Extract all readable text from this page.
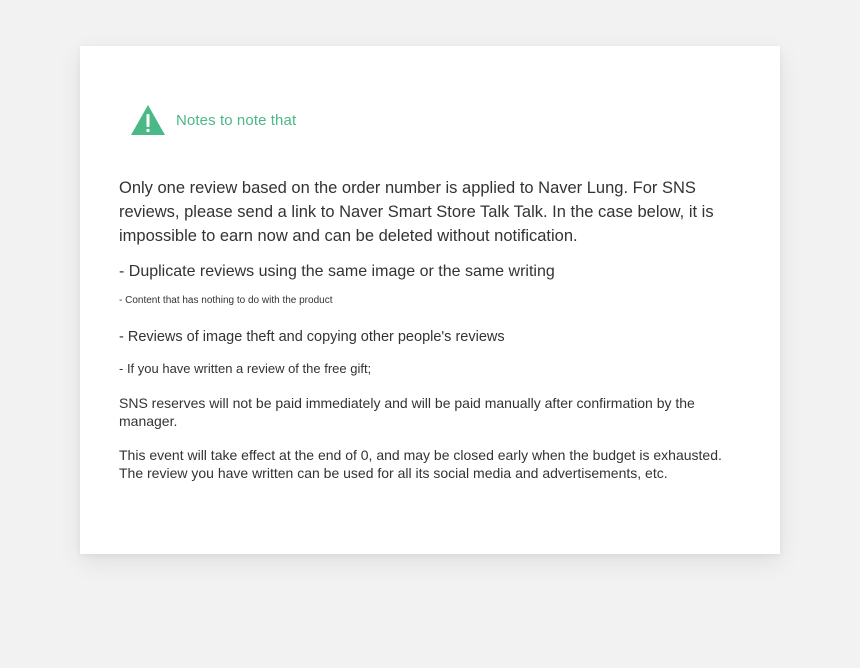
Notes to note that

Only one review based on the order number is applied to Naver Lung. For SNS reviews, please send a link to Naver Smart Store Talk Talk. In the case below, it is impossible to earn now and can be deleted without notification.

- Duplicate reviews using the same image or the same writing

- Content that has nothing to do with the product

- Reviews of image theft and copying other people's reviews

- If you have written a review of the free gift;

SNS reserves will not be paid immediately and will be paid manually after confirmation by the manager.

This event will take effect at the end of 0, and may be closed early when the budget is exhausted.

The review you have written can be used for all its social media and advertisements, etc.
